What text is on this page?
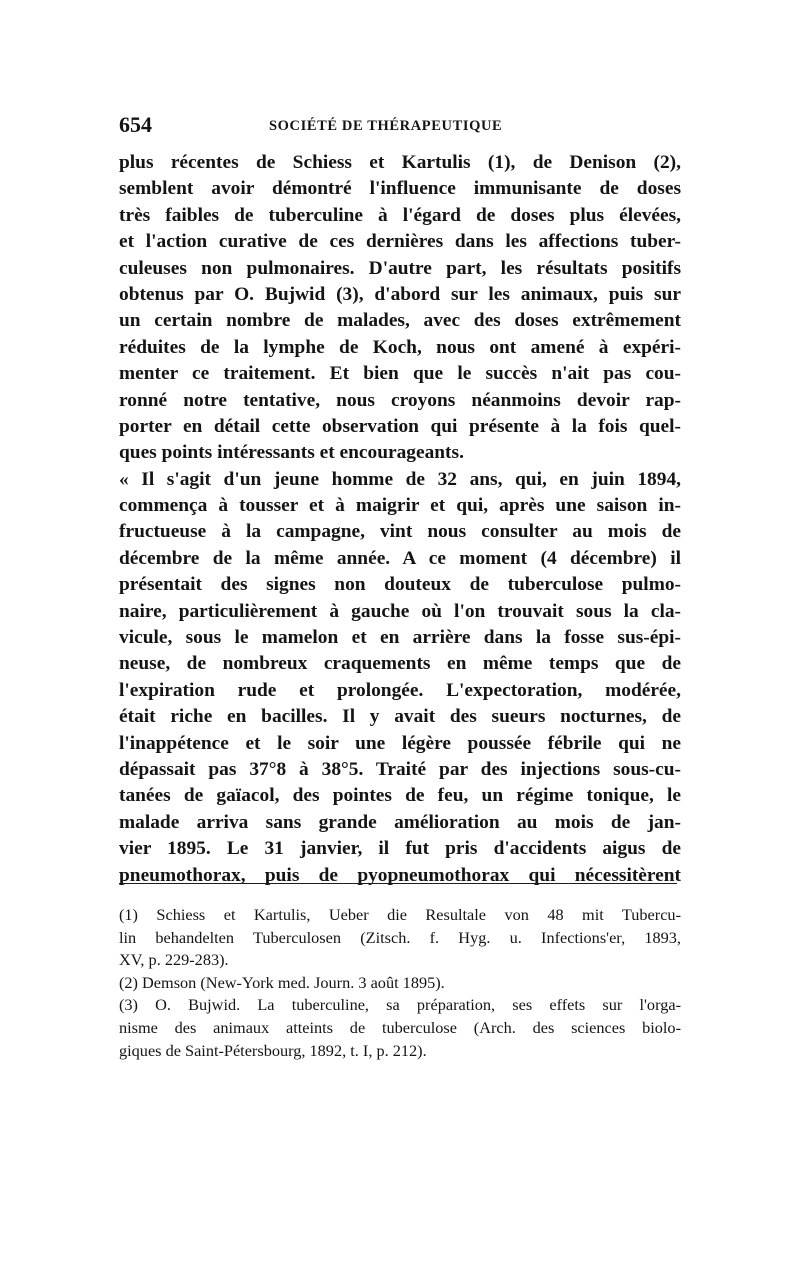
654	SOCIÉTÉ DE THÉRAPEUTIQUE
plus récentes de Schiess et Kartulis (1), de Denison (2),
semblent avoir démontré l'influence immunisante de doses
très faibles de tuberculine à l'égard de doses plus élevées,
et l'action curative de ces dernières dans les affections tuber-
culeuses non pulmonaires. D'autre part, les résultats positifs
obtenus par O. Bujwid (3), d'abord sur les animaux, puis sur
un certain nombre de malades, avec des doses extrêmement
réduites de la lymphe de Koch, nous ont amené à expéri-
menter ce traitement. Et bien que le succès n'ait pas cou-
ronné notre tentative, nous croyons néanmoins devoir rap-
porter en détail cette observation qui présente à la fois quel-
ques points intéressants et encourageants.
« Il s'agit d'un jeune homme de 32 ans, qui, en juin 1894,
commença à tousser et à maigrir et qui, après une saison in-
fructueuse à la campagne, vint nous consulter au mois de
décembre de la même année. A ce moment (4 décembre) il
présentait des signes non douteux de tuberculose pulmo-
naire, particulièrement à gauche où l'on trouvait sous la cla-
vicule, sous le mamelon et en arrière dans la fosse sus-épi-
neuse, de nombreux craquements en même temps que de
l'expiration rude et prolongée. L'expectoration, modérée,
était riche en bacilles. Il y avait des sueurs nocturnes, de
l'inappétence et le soir une légère poussée fébrile qui ne
dépassait pas 37°8 à 38°5. Traité par des injections sous-cu-
tanées de gaïacol, des pointes de feu, un régime tonique, le
malade arriva sans grande amélioration au mois de jan-
vier 1895. Le 31 janvier, il fut pris d'accidents aigus de
pneumothorax, puis de pyopneumothorax qui nécessitèrent
(1) Schiess et Kartulis, Ueber die Resultale von 48 mit Tubercu-
lin behandelten Tuberculosen (Zitsch. f. Hyg. u. Infections'er, 1893,
XV, p. 229-283).
(2) Demson (New-York med. Journ. 3 août 1895).
(3) O. Bujwid. La tuberculine, sa préparation, ses effets sur l'orga-
nisme des animaux atteints de tuberculose (Arch. des sciences biolo-
giques de Saint-Pétersbourg, 1892, t. I, p. 212).
